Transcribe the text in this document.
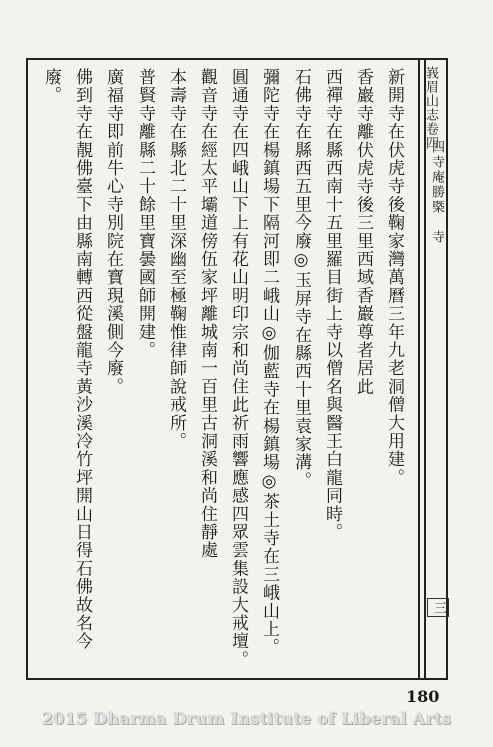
峩眉山志卷四
四寺庵勝槩　寺
三
新開寺在伏虎寺後鞠家灣萬曆三年九老洞僧大用建。
香巖寺離伏虎寺後三里西域香巖尊者居此
西禪寺在縣西南十五里羅目街上寺以僧名與醫王白龍同時。
石佛寺在縣西五里今廢◎玉屏寺在縣西十里袁家溝。
彌陀寺在楊鎮場下隔河即二峨山◎伽藍寺在楊鎮場◎茶土寺在三峨山上。
圓通寺在四峨山下上有花山明印宗和尚住此祈雨響應感四眾雲集設大戒壇。
觀音寺在經太平壩道傍伍家坪離城南一百里古洞溪和尚住靜處
本壽寺在縣北二十里深幽至極鞠惟律師說戒所。
普賢寺離縣二十餘里寶曇國師開建。
廣福寺即前牛心寺別院在寶現溪側今廢。
佛到寺在靚佛臺下由縣南轉西從盤龍寺黃沙溪冷竹坪開山日得石佛故名今
廢。
180
2015 Dharma Drum Institute of Liberal Arts
